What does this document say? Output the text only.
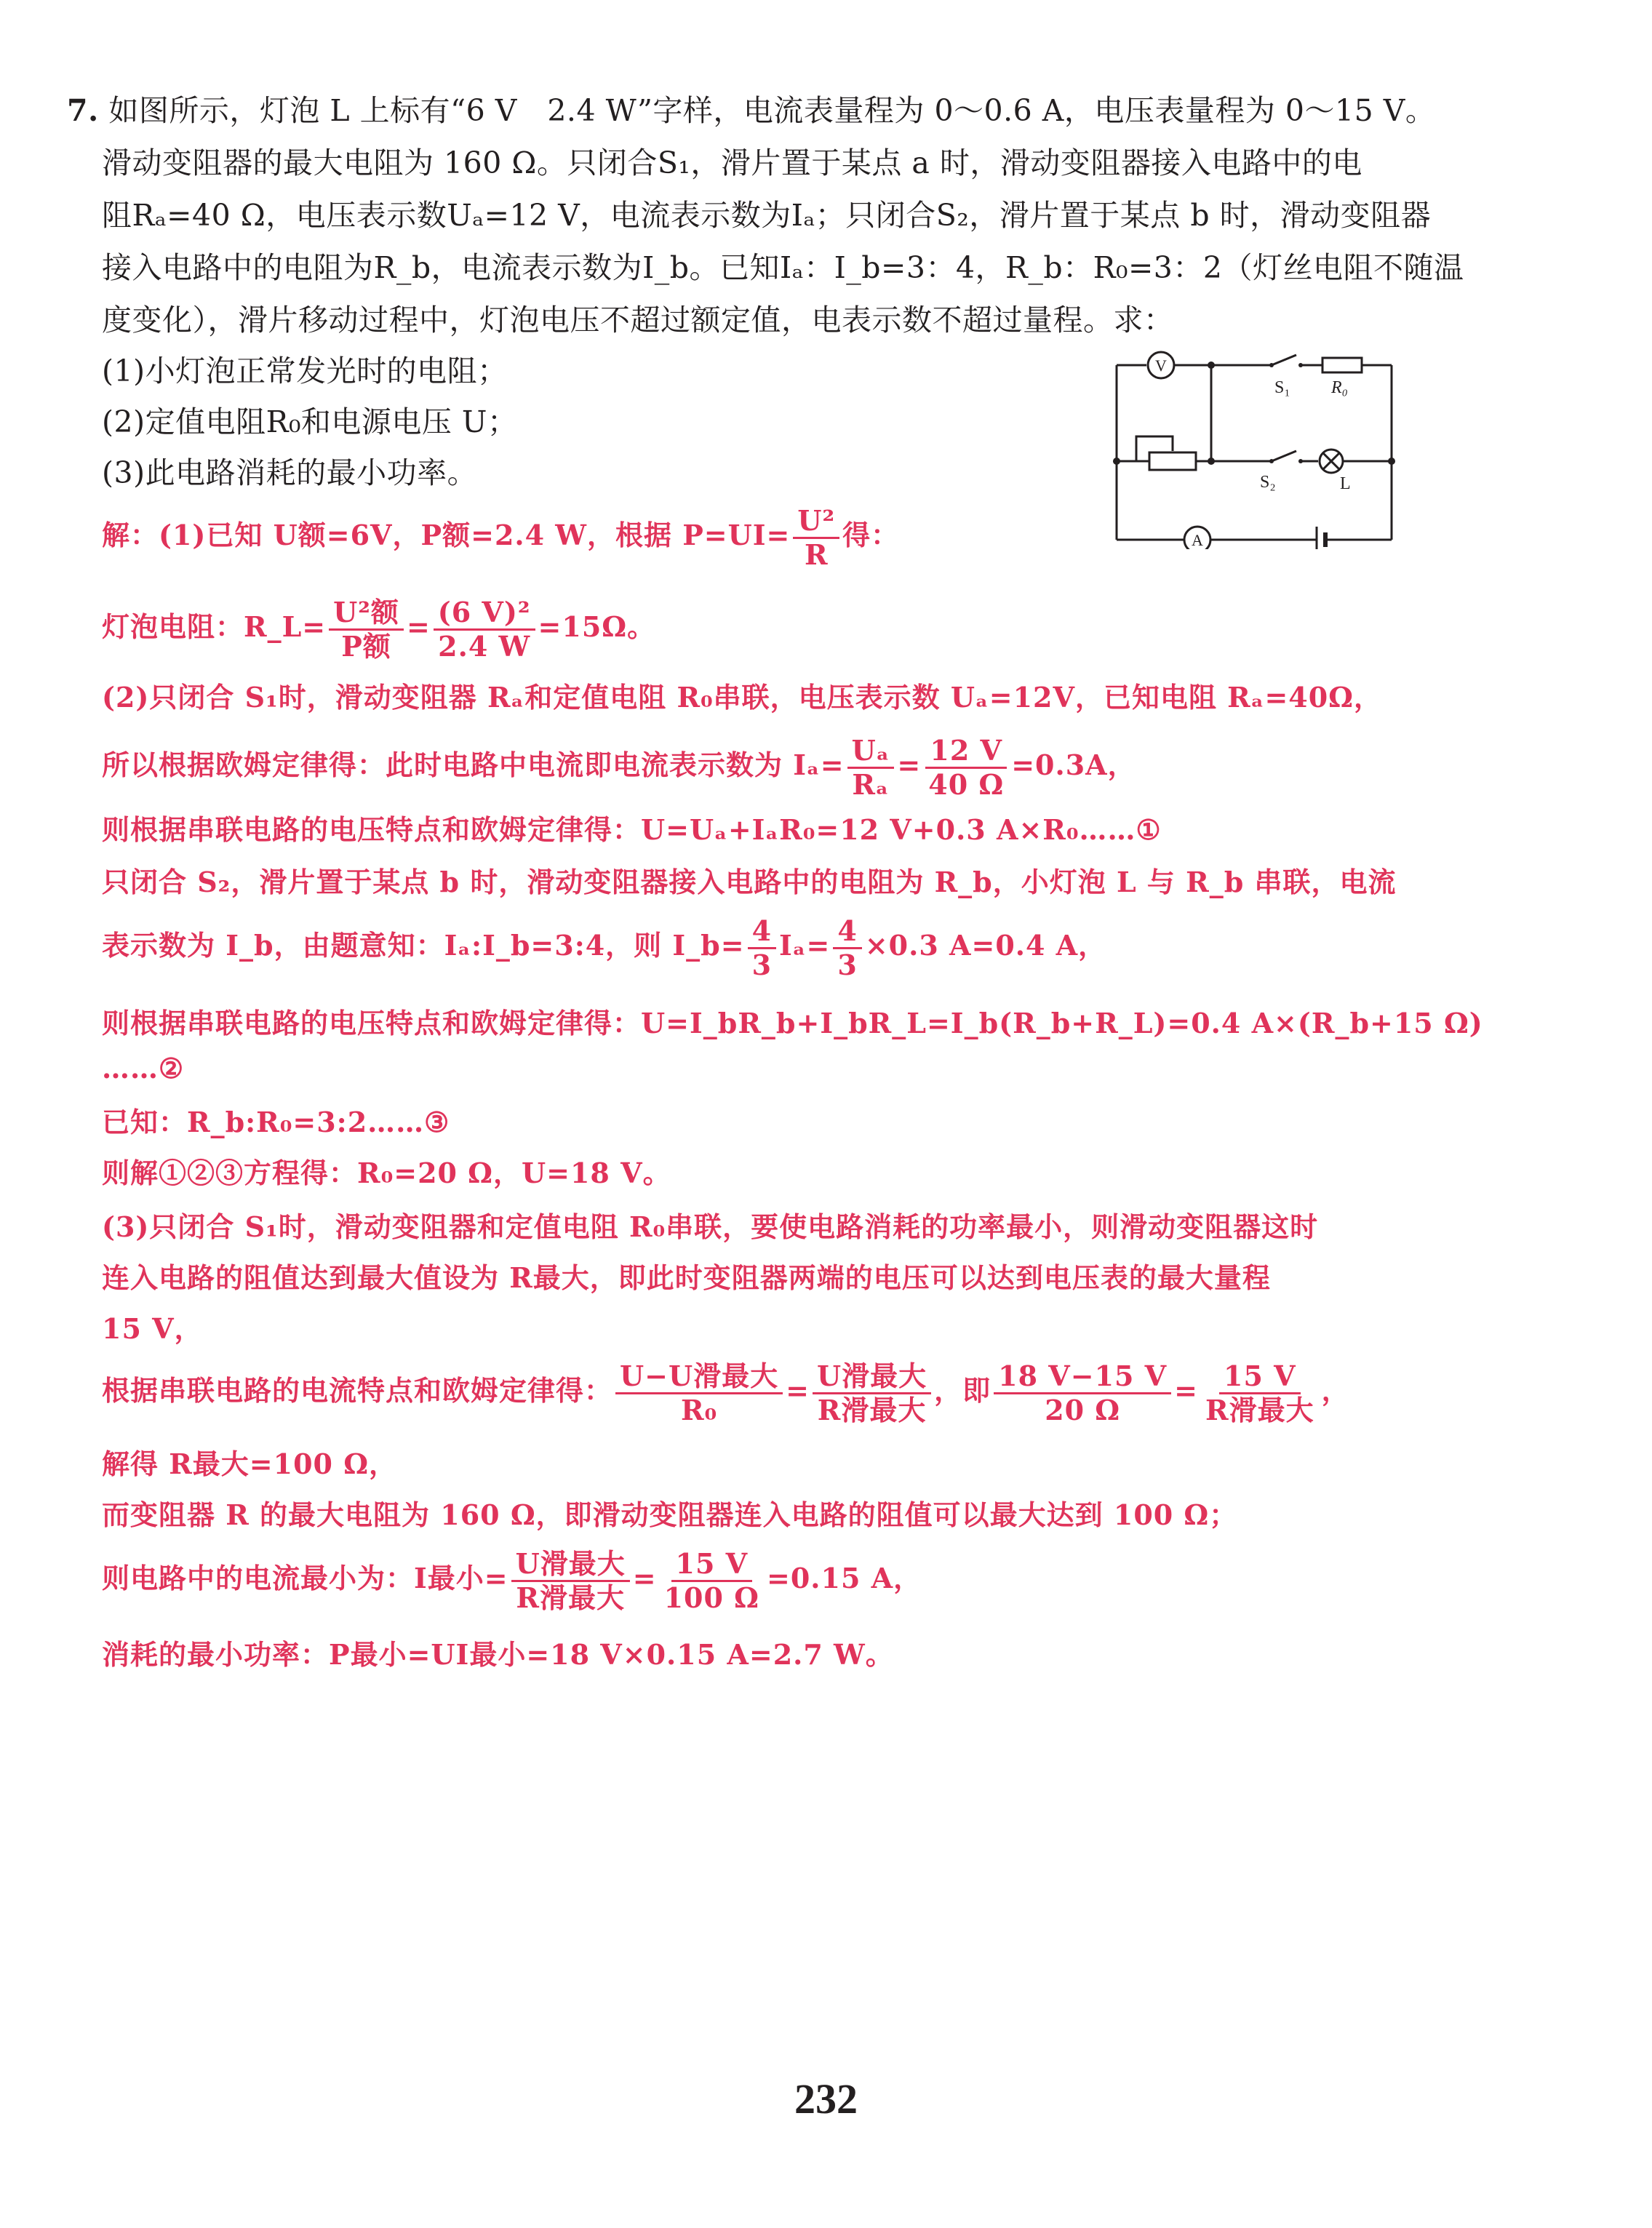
7. 如图所示，灯泡 L 上标有“6 V　2.4 W”字样，电流表量程为 0～0.6 A，电压表量程为 0～15 V。
滑动变阻器的最大电阻为 160 Ω。只闭合S₁，滑片置于某点 a 时，滑动变阻器接入电路中的电
阻Rₐ=40 Ω，电压表示数Uₐ=12 V，电流表示数为Iₐ；只闭合S₂，滑片置于某点 b 时，滑动变阻器
接入电路中的电阻为R_b，电流表示数为I_b。已知Iₐ：I_b=3：4，R_b：R₀=3：2（灯丝电阻不随温
度变化），滑片移动过程中，灯泡电压不超过额定值，电表示数不超过量程。求：
(1)小灯泡正常发光时的电阻；
(2)定值电阻R₀和电源电压 U；
(3)此电路消耗的最小功率。
V
A
S₁ R₀
S₂	L
解：(1)已知 U额=6V，P额=2.4 W，根据 $P=UI= \frac{\text{U²}}{R}$ 得：
灯泡电阻：R_L= $\frac{\text{U²额}}{\text{P额}} = \frac{\text{(6 V)²}}{2.4 W} =15\Omega$。
(2)只闭合 S₁时，滑动变阻器 Rₐ和定值电阻 R₀串联，电压表示数 Uₐ=12V，已知电阻 Rₐ=40Ω，
所以根据欧姆定律得：此时电路中电流即电流表示数为 $I_a= \frac{\text{Uₐ}}{\text{Rₐ}} = \frac{12 V}{40 \Omega} =0.3A$，
则根据串联电路的电压特点和欧姆定律得：U=Uₐ+IₐR₀=12 V+0.3 A×R₀……①
只闭合 S₂，滑片置于某点 b 时，滑动变阻器接入电路中的电阻为 R_b，小灯泡 L 与 R_b 串联，电流
表示数为 I_b，由题意知：Iₐ:I_b=3:4，则 I_b= $\frac{4}{3} I_a= \frac{4}{3} \times 0.3$ A=0.4 A，
则根据串联电路的电压特点和欧姆定律得：U=I_bR_b+I_bR_L=I_b(R_b+R_L)=0.4 A×(R_b+15 Ω)
……②
已知：R_b:R₀=3:2……③
则解①②③方程得：R₀=20 Ω，U=18 V。
(3)只闭合 S₁时，滑动变阻器和定值电阻 R₀串联，要使电路消耗的功率最小，则滑动变阻器这时
连入电路的阻值达到最大值设为 R最大，即此时变阻器两端的电压可以达到电压表的最大量程
15 V，
根据串联电路的电流特点和欧姆定律得： $\frac{\text{U−U滑最大}}{\text{R₀}} = \frac{\text{U滑最大}}{\text{R滑最大}}$ ，即 $\frac{18 V-15 V}{20 \Omega} = \frac{15 V}{\text{R滑最大}}$ ，
解得 R最大=100 Ω，
而变阻器 R 的最大电阻为 160 Ω，即滑动变阻器连入电路的阻值可以最大达到 100 Ω；
则电路中的电流最小为：I最小= $\frac{\text{U滑最大}}{\text{R滑最大}} = \frac{15 V}{100 \Omega} =0.15$ A，
消耗的最小功率：P最小=UI最小=18 V×0.15 A=2.7 W。
232
